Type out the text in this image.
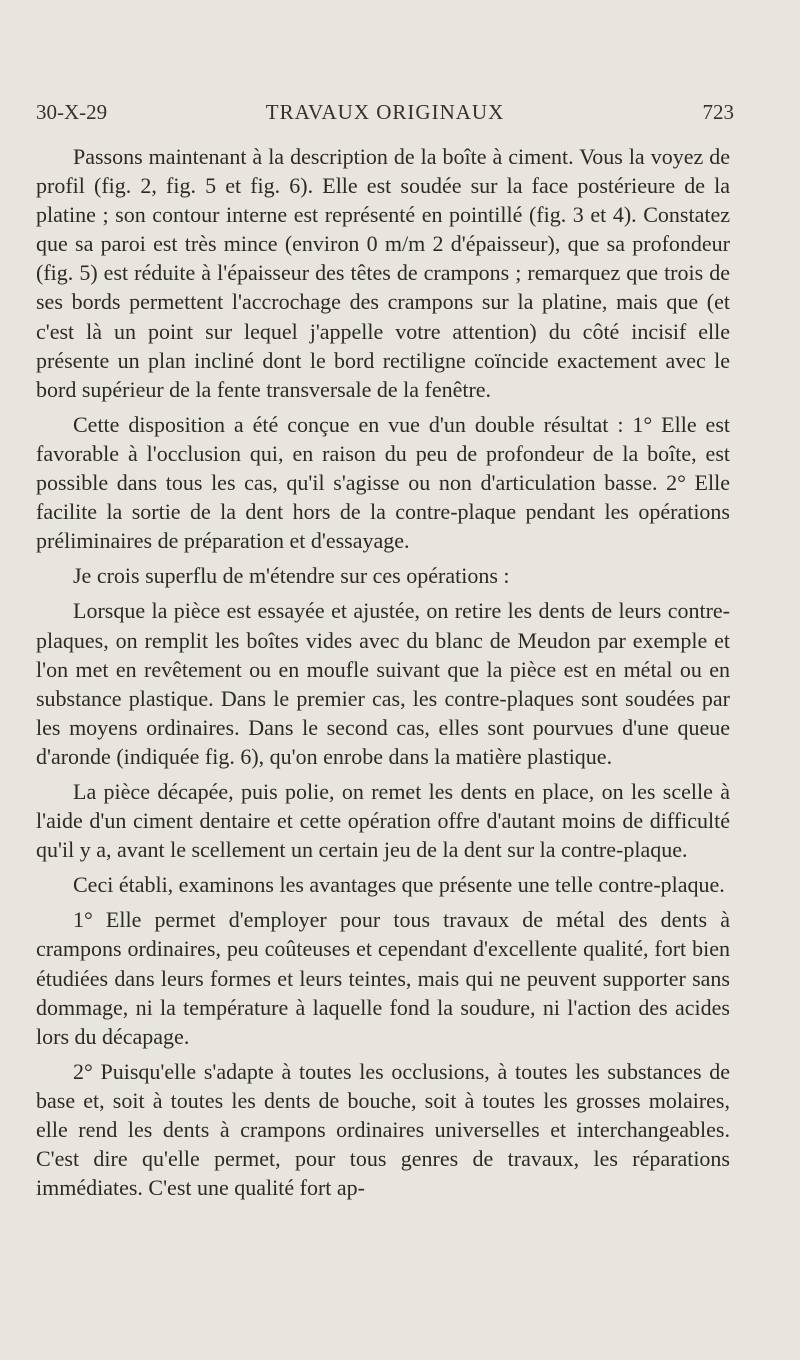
30-X-29	TRAVAUX ORIGINAUX	723

Passons maintenant à la description de la boîte à ciment. Vous la voyez de profil (fig. 2, fig. 5 et fig. 6). Elle est soudée sur la face postérieure de la platine ; son contour interne est représenté en pointillé (fig. 3 et 4). Constatez que sa paroi est très mince (environ 0 m/m 2 d'épaisseur), que sa profondeur (fig. 5) est réduite à l'épaisseur des têtes de crampons ; remarquez que trois de ses bords permettent l'accrochage des crampons sur la platine, mais que (et c'est là un point sur lequel j'appelle votre attention) du côté incisif elle présente un plan incliné dont le bord rectiligne coïncide exactement avec le bord supérieur de la fente transversale de la fenêtre.

Cette disposition a été conçue en vue d'un double résultat : 1° Elle est favorable à l'occlusion qui, en raison du peu de profondeur de la boîte, est possible dans tous les cas, qu'il s'agisse ou non d'articulation basse. 2° Elle facilite la sortie de la dent hors de la contre-plaque pendant les opérations préliminaires de préparation et d'essayage.

Je crois superflu de m'étendre sur ces opérations :

Lorsque la pièce est essayée et ajustée, on retire les dents de leurs contre-plaques, on remplit les boîtes vides avec du blanc de Meudon par exemple et l'on met en revêtement ou en moufle suivant que la pièce est en métal ou en substance plastique. Dans le premier cas, les contre-plaques sont soudées par les moyens ordinaires. Dans le second cas, elles sont pourvues d'une queue d'aronde (indiquée fig. 6), qu'on enrobe dans la matière plastique.

La pièce décapée, puis polie, on remet les dents en place, on les scelle à l'aide d'un ciment dentaire et cette opération offre d'autant moins de difficulté qu'il y a, avant le scellement un certain jeu de la dent sur la contre-plaque.

Ceci établi, examinons les avantages que présente une telle contre-plaque.

1° Elle permet d'employer pour tous travaux de métal des dents à crampons ordinaires, peu coûteuses et cependant d'excellente qualité, fort bien étudiées dans leurs formes et leurs teintes, mais qui ne peuvent supporter sans dommage, ni la température à laquelle fond la soudure, ni l'action des acides lors du décapage.

2° Puisqu'elle s'adapte à toutes les occlusions, à toutes les substances de base et, soit à toutes les dents de bouche, soit à toutes les grosses molaires, elle rend les dents à crampons ordinaires universelles et interchangeables. C'est dire qu'elle permet, pour tous genres de travaux, les réparations immédiates. C'est une qualité fort ap-
